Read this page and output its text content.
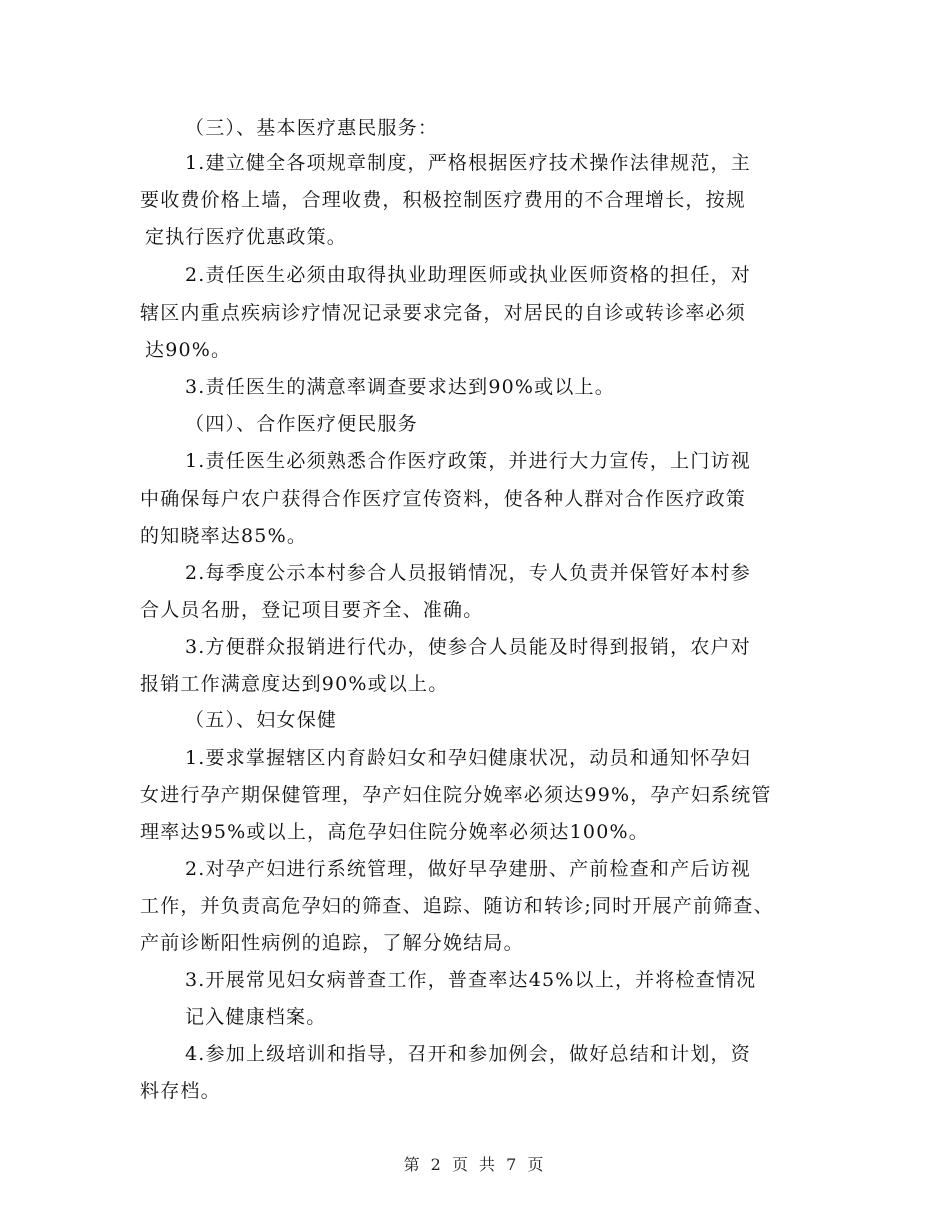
（三）、基本医疗惠民服务：
1.建立健全各项规章制度，严格根据医疗技术操作法律规范，主
要收费价格上墙，合理收费，积极控制医疗费用的不合理增长，按规
定执行医疗优惠政策。
2.责任医生必须由取得执业助理医师或执业医师资格的担任，对
辖区内重点疾病诊疗情况记录要求完备，对居民的自诊或转诊率必须
达90%。
3.责任医生的满意率调查要求达到90%或以上。
（四）、合作医疗便民服务
1.责任医生必须熟悉合作医疗政策，并进行大力宣传，上门访视
中确保每户农户获得合作医疗宣传资料，使各种人群对合作医疗政策
的知晓率达85%。
2.每季度公示本村参合人员报销情况，专人负责并保管好本村参
合人员名册，登记项目要齐全、准确。
3.方便群众报销进行代办，使参合人员能及时得到报销，农户对
报销工作满意度达到90%或以上。
（五）、妇女保健
1.要求掌握辖区内育龄妇女和孕妇健康状况，动员和通知怀孕妇
女进行孕产期保健管理，孕产妇住院分娩率必须达99%，孕产妇系统管
理率达95%或以上，高危孕妇住院分娩率必须达100%。
2.对孕产妇进行系统管理，做好早孕建册、产前检查和产后访视
工作，并负责高危孕妇的筛查、追踪、随访和转诊;同时开展产前筛查、
产前诊断阳性病例的追踪，了解分娩结局。
3.开展常见妇女病普查工作，普查率达45%以上，并将检查情况
记入健康档案。
4.参加上级培训和指导，召开和参加例会，做好总结和计划，资
料存档。
第 2 页 共 7 页
